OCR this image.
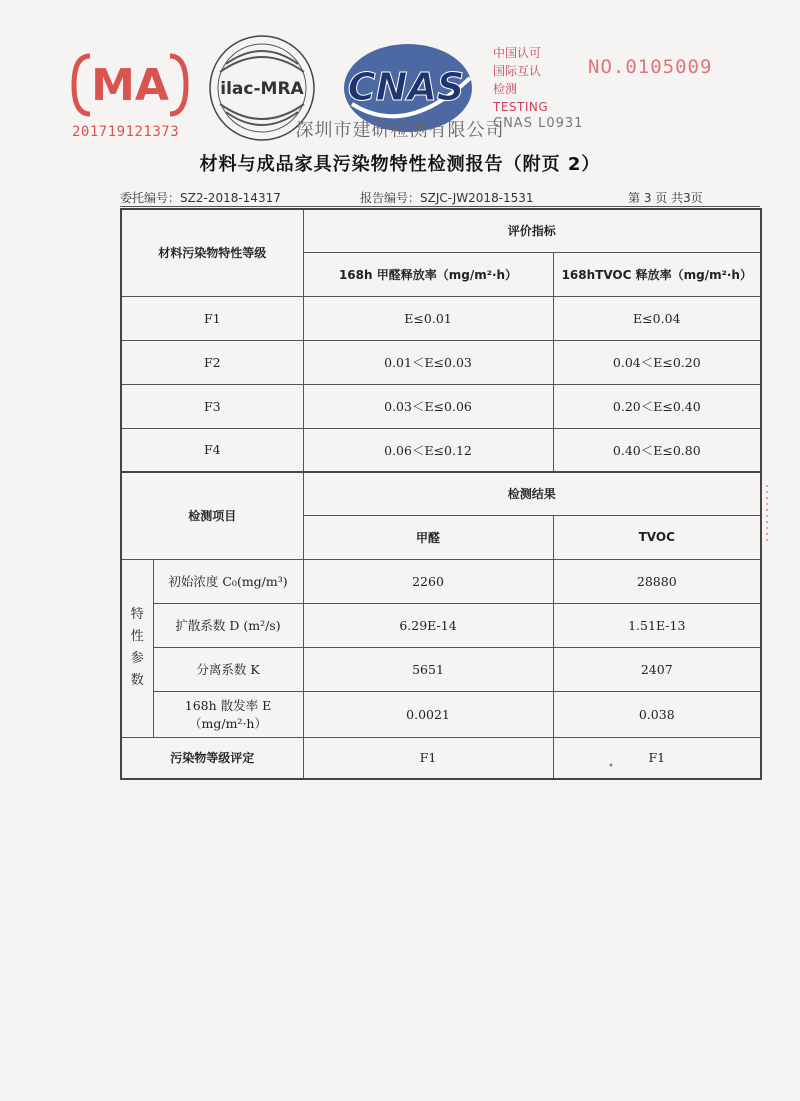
MA
201719121373
ilac-MRA CNAS
中国认可
国际互认
检测
TESTING
CNAS L0931
NO.0105009
深圳市建研检测有限公司
材料与成品家具污染物特性检测报告（附页 2）
委托编号：SZ2-2018-14317	报告编号：SZJC-JW2018-1531	第 3 页 共3页
材料污染物特性等级		评价指标	
		168h 甲醛释放率（mg/m²·h）	168hTVOC 释放率（mg/m²·h）
F1		E≤0.01	E≤0.04
F2		0.01＜E≤0.03	0.04＜E≤0.20
F3		0.03＜E≤0.06	0.20＜E≤0.40
F4		0.06＜E≤0.12	0.40＜E≤0.80
检测项目		检测结果	
		甲醛	TVOC

特
性
参
数	初始浓度 C₀(mg/m³)	2260	28880
	扩散系数 D (m²/s)	6.29E-14	1.51E-13
	分离系数 K	5651	2407

	168h 散发率 E
（mg/m²·h）	0.0021	0.038
污染物等级评定		F1	F1
